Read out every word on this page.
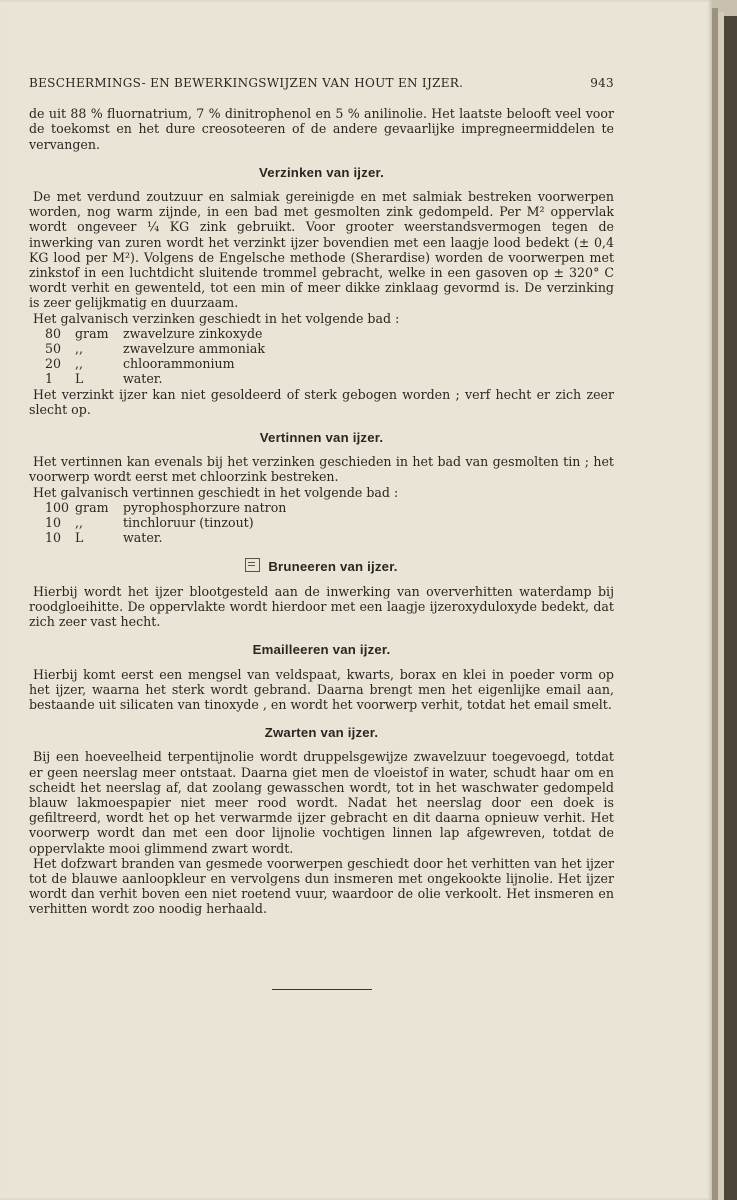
BESCHERMINGS- EN BEWERKINGSWIJZEN VAN HOUT EN IJZER.	943

de uit 88 % fluornatrium, 7 % dinitrophenol en 5 % anilinolie. Het laatste belooft veel voor de toekomst en het dure creosoteeren of de andere gevaarlijke impregneermiddelen te vervangen.

Verzinken van ijzer.

De met verdund zoutzuur en salmiak gereinigde en met salmiak bestreken voorwerpen worden, nog warm zijnde, in een bad met gesmolten zink gedompeld. Per M² oppervlak wordt ongeveer ¼ KG zink gebruikt. Voor grooter weerstandsvermogen tegen de inwerking van zuren wordt het verzinkt ijzer bovendien met een laagje lood bedekt (± 0,4 KG lood per M²). Volgens de Engelsche methode (Sherardise) worden de voorwerpen met zinkstof in een luchtdicht sluitende trommel gebracht, welke in een gasoven op ± 320° C wordt verhit en gewenteld, tot een min of meer dikke zinklaag gevormd is. De verzinking is zeer gelijkmatig en duurzaam.

Het galvanisch verzinken geschiedt in het volgende bad :

80	gram	zwavelzure zinkoxyde
50	,,	zwavelzure ammoniak
20	,,	chloorammonium
1	L	water.

Het verzinkt ijzer kan niet gesoldeerd of sterk gebogen worden ; verf hecht er zich zeer slecht op.

Vertinnen van ijzer.

Het vertinnen kan evenals bij het verzinken geschieden in het bad van gesmolten tin ; het voorwerp wordt eerst met chloorzink bestreken.

Het galvanisch vertinnen geschiedt in het volgende bad :

100 gram	pyrophosphorzure natron
10	,,	tinchloruur (tinzout)
10	L	water.
Bruneeren van ijzer.

Hierbij wordt het ijzer blootgesteld aan de inwerking van oververhitten waterdamp bij roodgloeihitte. De oppervlakte wordt hierdoor met een laagje ijzeroxyduloxyde bedekt, dat zich zeer vast hecht.

Emailleeren van ijzer.

Hierbij komt eerst een mengsel van veldspaat, kwarts, borax en klei in poeder vorm op het ijzer, waarna het sterk wordt gebrand. Daarna brengt men het eigenlijke email aan, bestaande uit silicaten van tinoxyde , en wordt het voorwerp verhit, totdat het email smelt.

Zwarten van ijzer.

Bij een hoeveelheid terpentijnolie wordt druppelsgewijze zwavelzuur toegevoegd, totdat er geen neerslag meer ontstaat. Daarna giet men de vloeistof in water, schudt haar om en scheidt het neerslag af, dat zoolang gewasschen wordt, tot in het waschwater gedompeld blauw lakmoespapier niet meer rood wordt. Nadat het neerslag door een doek is gefiltreerd, wordt het op het verwarmde ijzer gebracht en dit daarna opnieuw verhit. Het voorwerp wordt dan met een door lijnolie vochtigen linnen lap afgewreven, totdat de oppervlakte mooi glimmend zwart wordt.

Het dofzwart branden van gesmede voorwerpen geschiedt door het verhitten van het ijzer tot de blauwe aanloopkleur en vervolgens dun insmeren met ongekookte lijnolie. Het ijzer wordt dan verhit boven een niet roetend vuur, waardoor de olie verkoolt. Het insmeren en verhitten wordt zoo noodig herhaald.
